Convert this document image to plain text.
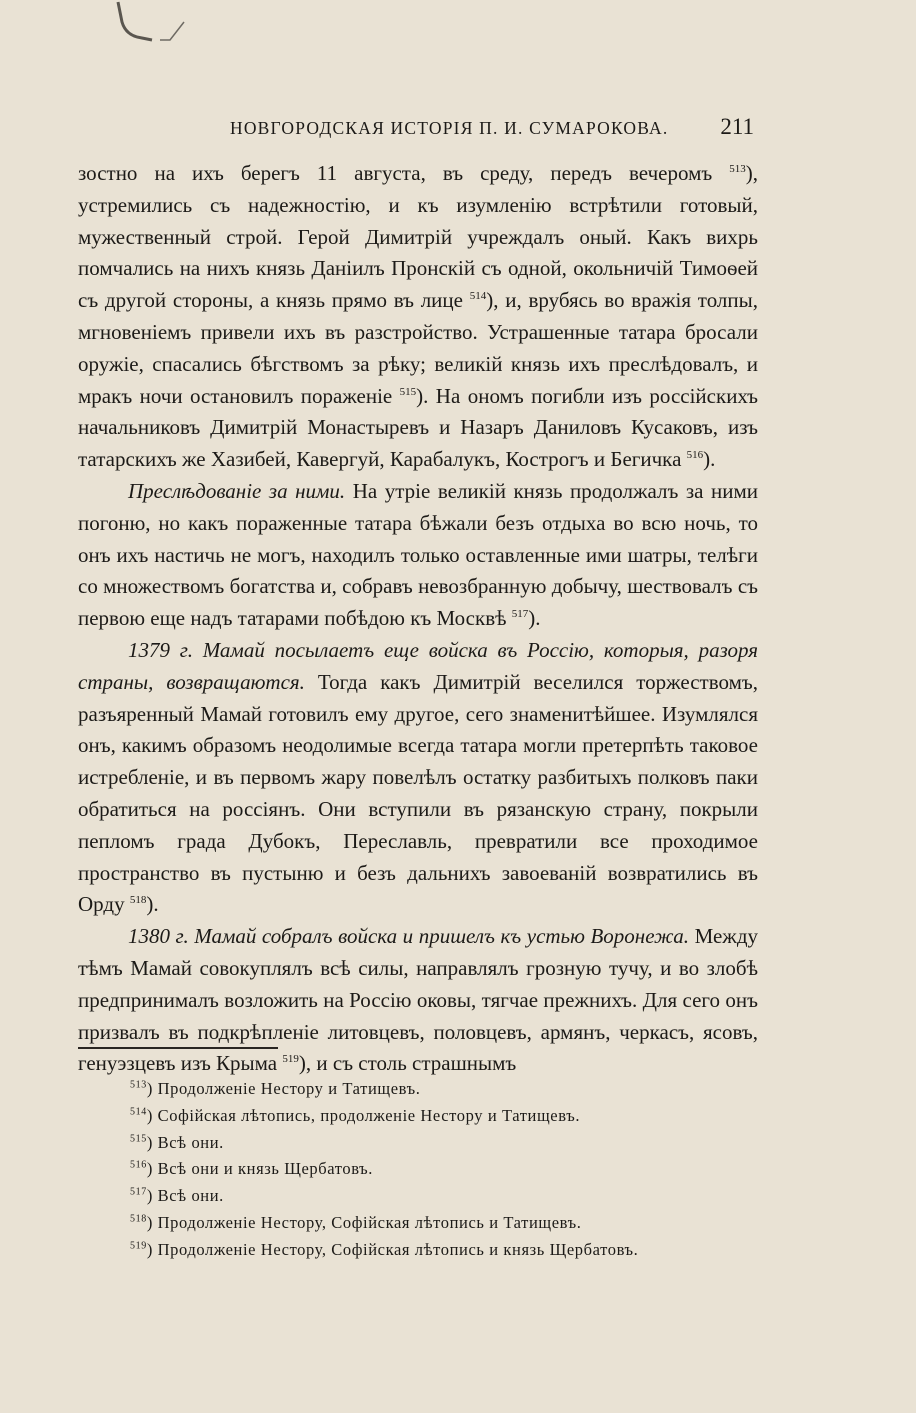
НОВГОРОДСКАЯ ИСТОРІЯ П. И. СУМАРОКОВА. 211

зостно на ихъ берегъ 11 августа, въ среду, передъ вечеромъ $^{513}$), устремились съ надежностію, и къ изумленію встрѣтили готовый, мужественный строй. Герой Димитрій учреждалъ оный. Какъ вихрь помчались на нихъ князь Даніилъ Пронскій съ одной, окольничій Тимоѳей съ другой стороны, а князь прямо въ лице $^{514}$), и, врубясь во вражія толпы, мгновеніемъ привели ихъ въ разстройство. Устрашенные татара бросали оружіе, спасались бѣгствомъ за рѣку; великій князь ихъ преслѣдовалъ, и мракъ ночи остановилъ пораженіе $^{515}$). На ономъ погибли изъ россійскихъ начальниковъ Димитрій Монастыревъ и Назаръ Даниловъ Кусаковъ, изъ татарскихъ же Хазибей, Кавергуй, Карабалукъ, Кострогъ и Бегичка $^{516}$).

Преслѣдованіе за ними. На утріе великій князь продолжалъ за ними погоню, но какъ пораженные татара бѣжали безъ отдыха во всю ночь, то онъ ихъ настичь не могъ, находилъ только оставленные ими шатры, телѣги со множествомъ богатства и, собравъ невозбранную добычу, шествовалъ съ первою еще надъ татарами побѣдою къ Москвѣ $^{517}$).

1379 г. Мамай посылаетъ еще войска въ Россію, которыя, разоря страны, возвращаются. Тогда какъ Димитрій веселился торжествомъ, разъяренный Мамай готовилъ ему другое, сего знаменитѣйшее. Изумлялся онъ, какимъ образомъ неодолимые всегда татара могли претерпѣть таковое истребленіе, и въ первомъ жару повелѣлъ остатку разбитыхъ полковъ паки обратиться на россіянъ. Они вступили въ рязанскую страну, покрыли пепломъ града Дубокъ, Переславль, превратили все проходимое пространство въ пустыню и безъ дальнихъ завоеваній возвратились въ Орду $^{518}$).

1380 г. Мамай собралъ войска и пришелъ къ устью Воронежа. Между тѣмъ Мамай совокуплялъ всѣ силы, направлялъ грозную тучу, и во злобѣ предпринималъ возложить на Россію оковы, тягчае прежнихъ. Для сего онъ призвалъ въ подкрѣпленіе литовцевъ, половцевъ, армянъ, черкасъ, ясовъ, генуэзцевъ изъ Крыма $^{519}$), и съ столь страшнымъ

$^{513}$) Продолженіе Нестору и Татищевъ.
$^{514}$) Софійская лѣтопись, продолженіе Нестору и Татищевъ.
$^{515}$) Всѣ они.
$^{516}$) Всѣ они и князь Щербатовъ.
$^{517}$) Всѣ они.
$^{518}$) Продолженіе Нестору, Софійская лѣтопись и Татищевъ.
$^{519}$) Продолженіе Нестору, Софійская лѣтопись и князь Щербатовъ.
